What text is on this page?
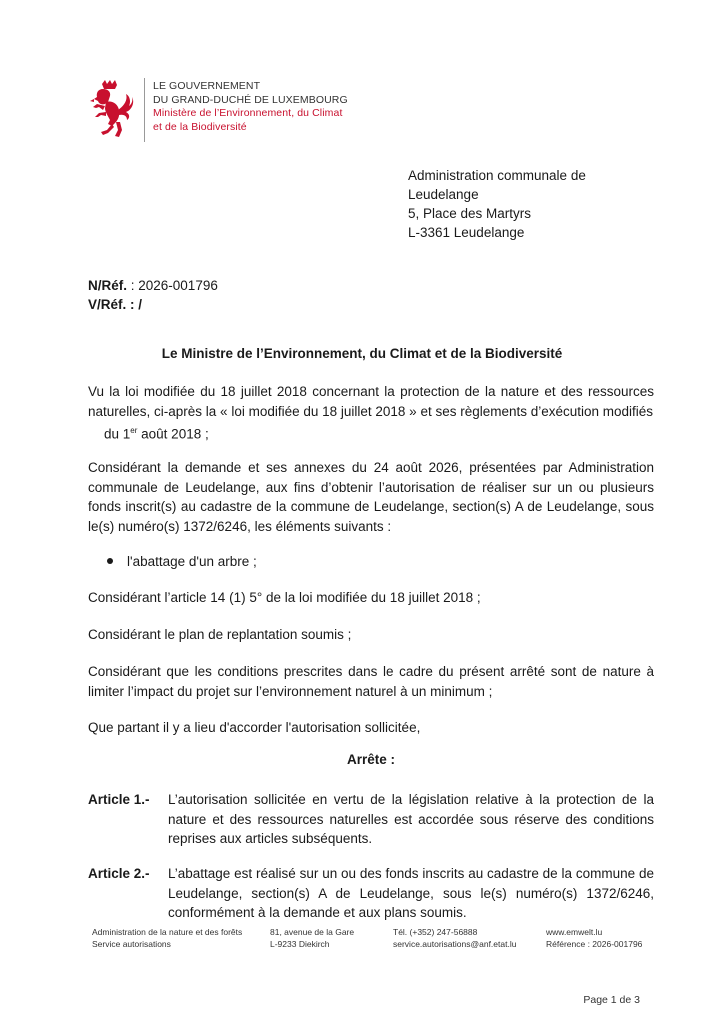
LE GOUVERNEMENT
DU GRAND-DUCHÉ DE LUXEMBOURG
Ministère de l’Environnement, du Climat
et de la Biodiversité
Administration communale de
Leudelange
5, Place des Martyrs
L-3361 Leudelange
N/Réf. : 2026-001796
V/Réf. : /
Le Ministre de l’Environnement, du Climat et de la Biodiversité
Vu la loi modifiée du 18 juillet 2018 concernant la protection de la nature et des ressources naturelles, ci-après la « loi modifiée du 18 juillet 2018 » et ses règlements d’exécution modifiés
du 1er août 2018 ;
Considérant la demande et ses annexes du 24 août 2026, présentées par Administration communale de Leudelange, aux fins d’obtenir l’autorisation de réaliser sur un ou plusieurs fonds inscrit(s) au cadastre de la commune de Leudelange, section(s) A de Leudelange, sous le(s) numéro(s) 1372/6246, les éléments suivants :
l'abattage d'un arbre ;
Considérant l’article 14 (1) 5° de la loi modifiée du 18 juillet 2018 ;
Considérant le plan de replantation soumis ;
Considérant que les conditions prescrites dans le cadre du présent arrêté sont de nature à limiter l’impact du projet sur l’environnement naturel à un minimum ;
Que partant il y a lieu d'accorder l'autorisation sollicitée,
Arrête :
Article 1.- L’autorisation sollicitée en vertu de la législation relative à la protection de la nature et des ressources naturelles est accordée sous réserve des conditions reprises aux articles subséquents.
Article 2.- L’abattage est réalisé sur un ou des fonds inscrits au cadastre de la commune de Leudelange, section(s) A de Leudelange, sous le(s) numéro(s) 1372/6246, conformément à la demande et aux plans soumis.
Administration de la nature et des forêts
Service autorisations
81, avenue de la Gare
L-9233 Diekirch
Tél. (+352) 247-56888
service.autorisations@anf.etat.lu
www.emwelt.lu
Référence : 2026-001796
Page 1 de 3
